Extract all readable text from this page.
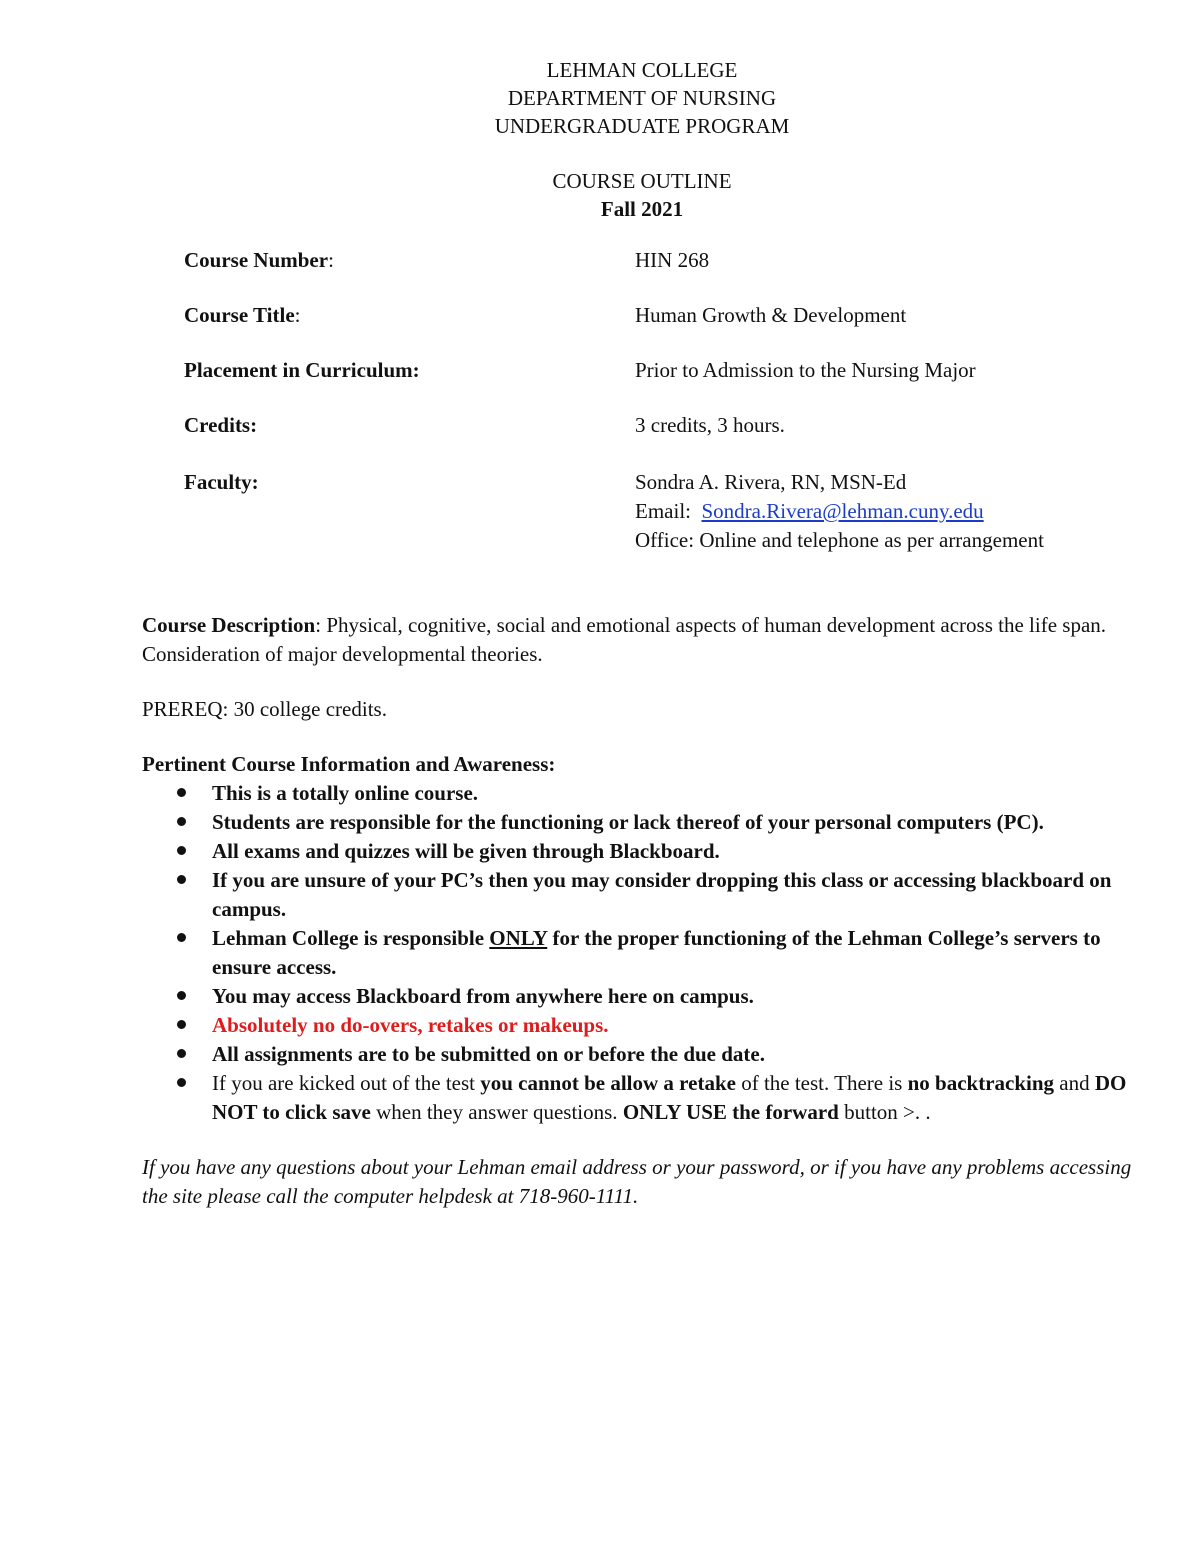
LEHMAN COLLEGE
DEPARTMENT OF NURSING
UNDERGRADUATE PROGRAM
COURSE OUTLINE
Fall 2021
Course Number:	HIN 268
Course Title:	Human Growth & Development
Placement in Curriculum:	Prior to Admission to the Nursing Major
Credits:	3 credits, 3 hours.
Faculty:	Sondra A. Rivera, RN, MSN-Ed
Email: Sondra.Rivera@lehman.cuny.edu
Office: Online and telephone as per arrangement

Course Description: Physical, cognitive, social and emotional aspects of human development across the life span. Consideration of major developmental theories.

PREREQ: 30 college credits.

Pertinent Course Information and Awareness:

This is a totally online course.
Students are responsible for the functioning or lack thereof of your personal computers (PC).
All exams and quizzes will be given through Blackboard.
If you are unsure of your PC’s then you may consider dropping this class or accessing blackboard on campus.
Lehman College is responsible ONLY for the proper functioning of the Lehman College’s servers to ensure access.
You may access Blackboard from anywhere here on campus.
Absolutely no do-overs, retakes or makeups.
All assignments are to be submitted on or before the due date.
If you are kicked out of the test you cannot be allow a retake of the test. There is no backtracking and DO NOT to click save when they answer questions. ONLY USE the forward button >. .

If you have any questions about your Lehman email address or your password, or if you have any problems accessing the site please call the computer helpdesk at 718-960-1111.
